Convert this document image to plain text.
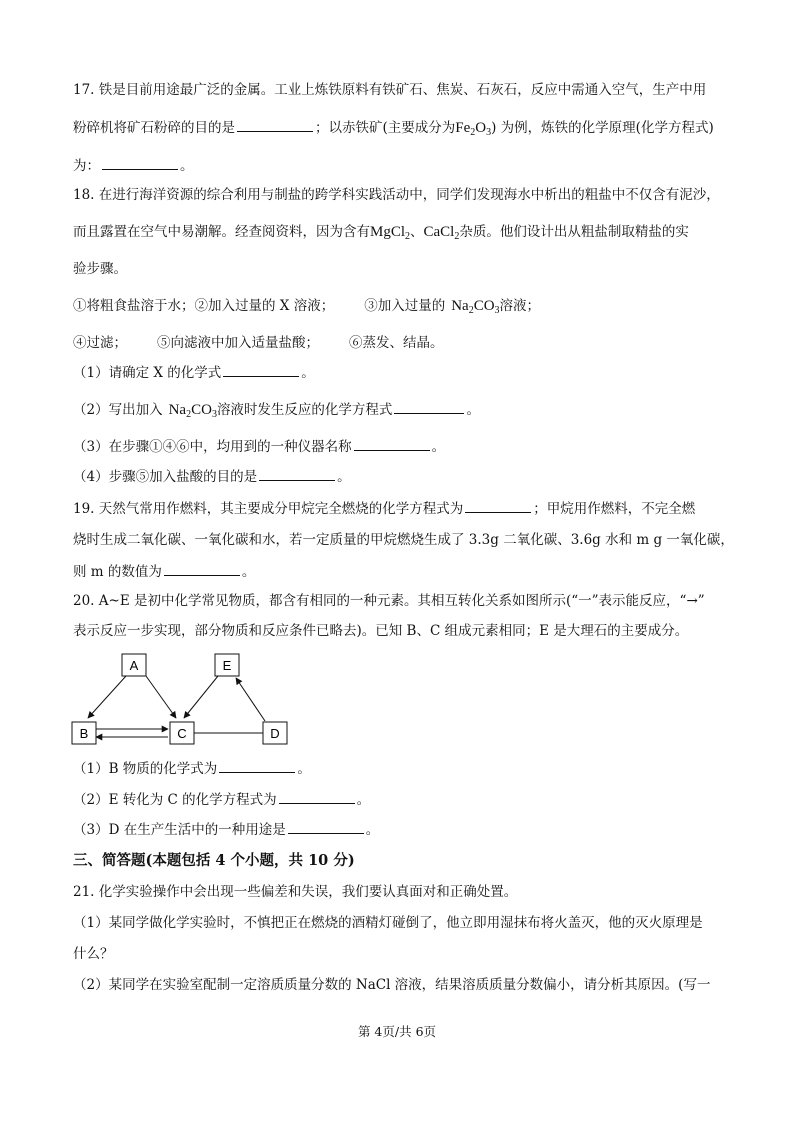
17. 铁是目前用途最广泛的金属。工业上炼铁原料有铁矿石、焦炭、石灰石，反应中需通入空气，生产中用
粉碎机将矿石粉碎的目的是	；以赤铁矿(主要成分为$Fe_2O_3$) 为例，炼铁的化学原理(化学方程式)
为：	。
18. 在进行海洋资源的综合利用与制盐的跨学科实践活动中，同学们发现海水中析出的粗盐中不仅含有泥沙，
而且露置在空气中易潮解。经查阅资料，因为含有MgCl$_2$、CaCl$_2$杂质。他们设计出从粗盐制取精盐的实
验步骤。
①将粗食盐溶于水；②加入过量的 X 溶液； ③加入过量的 $Na_2CO_3$溶液；
④过滤； ⑤向滤液中加入适量盐酸； ⑥蒸发、结晶。
（1）请确定 X 的化学式	。
（2）写出加入 $Na_2CO_3$溶液时发生反应的化学方程式	。
（3）在步骤①④⑥中，均用到的一种仪器名称	。
（4）步骤⑤加入盐酸的目的是	。
19. 天然气常用作燃料，其主要成分甲烷完全燃烧的化学方程式为	；甲烷用作燃料，不完全燃
烧时生成二氧化碳、一氧化碳和水，若一定质量的甲烷燃烧生成了 3.3g 二氧化碳、3.6g 水和 m g 一氧化碳，
则 m 的数值为	。
20. A~E 是初中化学常见物质，都含有相同的一种元素。其相互转化关系如图所示(“一”表示能反应，“→”
表示反应一步实现，部分物质和反应条件已略去)。已知 B、C 组成元素相同；E 是大理石的主要成分。
A	E
B	C	D
（1）B 物质的化学式为	。
（2）E 转化为 C 的化学方程式为	。
（3）D 在生产生活中的一种用途是	。
三、简答题(本题包括 4 个小题，共 10 分)
21. 化学实验操作中会出现一些偏差和失误，我们要认真面对和正确处置。
（1）某同学做化学实验时，不慎把正在燃烧的酒精灯碰倒了，他立即用湿抹布将火盖灭，他的灭火原理是
什么？
（2）某同学在实验室配制一定溶质质量分数的 NaCl 溶液，结果溶质质量分数偏小，请分析其原因。(写一
第 4页/共 6页
